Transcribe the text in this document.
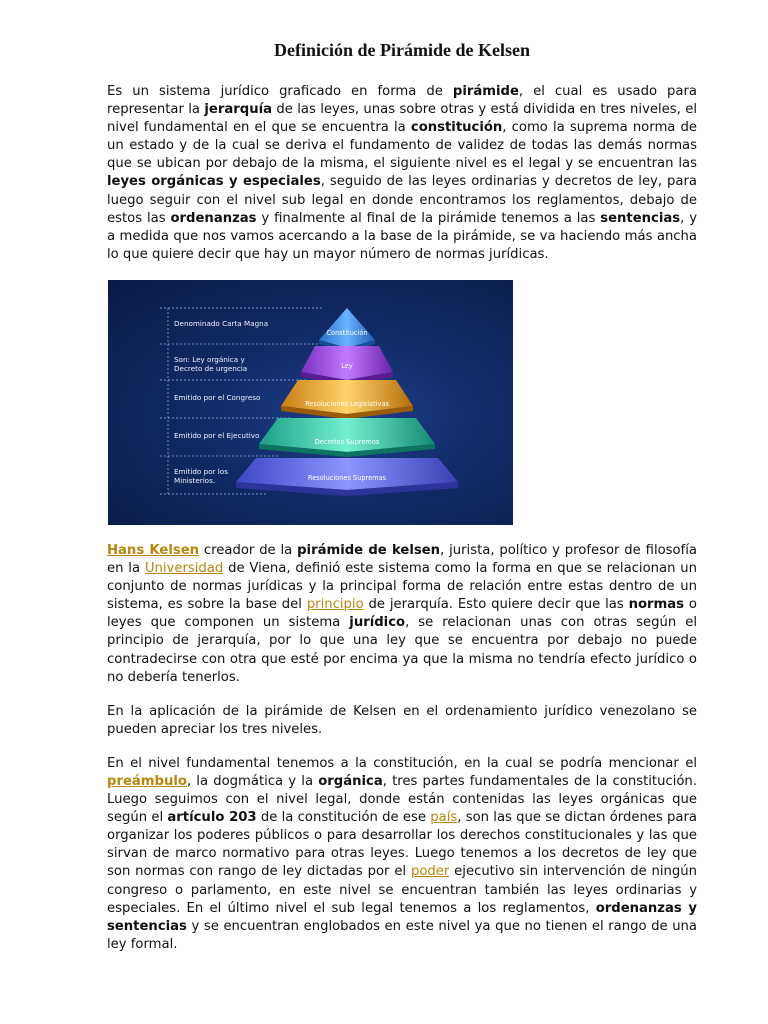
Definición de Pirámide de Kelsen

Es un sistema jurídico graficado en forma de pirámide, el cual es usado para representar la jerarquía de las leyes, unas sobre otras y está dividida en tres niveles, el nivel fundamental en el que se encuentra la constitución, como la suprema norma de un estado y de la cual se deriva el fundamento de validez de todas las demás normas que se ubican por debajo de la misma, el siguiente nivel es el legal y se encuentran las leyes orgánicas y especiales, seguido de las leyes ordinarias y decretos de ley, para luego seguir con el nivel sub legal en donde encontramos los reglamentos, debajo de estos las ordenanzas y finalmente al final de la pirámide tenemos a las sentencias, y a medida que nos vamos acercando a la base de la pirámide, se va haciendo más ancha lo que quiere decir que hay un mayor número de normas jurídicas.

Denominado Carta Magna
Son: Ley orgánica y
Decreto de urgencia
Emitido por el Congreso
Emitido por el Ejecutivo
Emitido por los
Ministerios.
Constitución
Ley
Resoluciones Legislativas
Decretos Supremos
Resoluciones Supremas

Hans Kelsen creador de la pirámide de kelsen, jurista, político y profesor de filosofía en la Universidad de Viena, definió este sistema como la forma en que se relacionan un conjunto de normas jurídicas y la principal forma de relación entre estas dentro de un sistema, es sobre la base del principio de jerarquía. Esto quiere decir que las normas o leyes que componen un sistema jurídico, se relacionan unas con otras según el principio de jerarquía, por lo que una ley que se encuentra por debajo no puede contradecirse con otra que esté por encima ya que la misma no tendría efecto jurídico o no debería tenerlos.

En la aplicación de la pirámide de Kelsen en el ordenamiento jurídico venezolano se pueden apreciar los tres niveles.

En el nivel fundamental tenemos a la constitución, en la cual se podría mencionar el preámbulo, la dogmática y la orgánica, tres partes fundamentales de la constitución. Luego seguimos con el nivel legal, donde están contenidas las leyes orgánicas que según el artículo 203 de la constitución de ese país, son las que se dictan órdenes para organizar los poderes públicos o para desarrollar los derechos constitucionales y las que sirvan de marco normativo para otras leyes. Luego tenemos a los decretos de ley que son normas con rango de ley dictadas por el poder ejecutivo sin intervención de ningún congreso o parlamento, en este nivel se encuentran también las leyes ordinarias y especiales. En el último nivel el sub legal tenemos a los reglamentos, ordenanzas y sentencias y se encuentran englobados en este nivel ya que no tienen el rango de una ley formal.
